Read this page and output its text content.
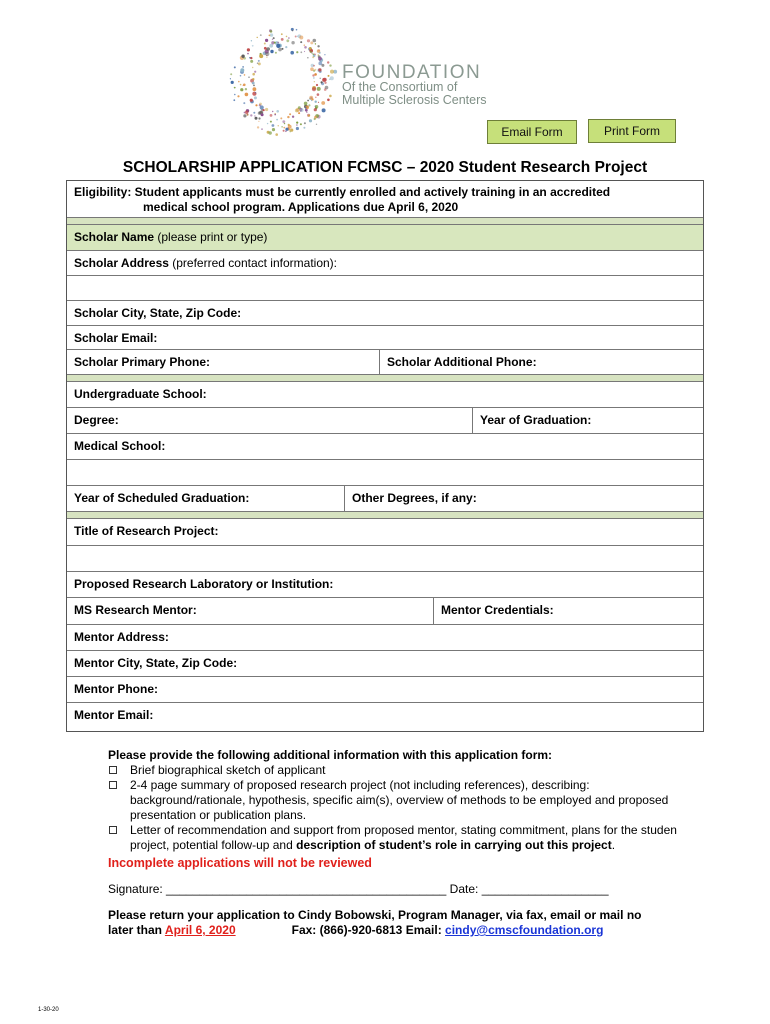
FOUNDATION
Of the Consortium of
Multiple Sclerosis Centers
Email Form	Print Form
SCHOLARSHIP APPLICATION FCMSC – 2020 Student Research Project
Eligibility: Student applicants must be currently enrolled and actively training in an accredited
medical school program. Applications due April 6, 2020
Scholar Name (please print or type)
Scholar Address (preferred contact information):
Scholar City, State, Zip Code:
Scholar Email:
Scholar Primary Phone:	Scholar Additional Phone:
Undergraduate School:
Degree:	Year of Graduation:
Medical School:
Year of Scheduled Graduation:	Other Degrees, if any:
Title of Research Project:
Proposed Research Laboratory or Institution:
MS Research Mentor:	Mentor Credentials:
Mentor Address:
Mentor City, State, Zip Code:
Mentor Phone:
Mentor Email:
Please provide the following additional information with this application form:
Brief biographical sketch of applicant
2-4 page summary of proposed research project (not including references), describing:
background/rationale, hypothesis, specific aim(s), overview of methods to be employed and proposed
presentation or publication plans.
Letter of recommendation and support from proposed mentor, stating commitment, plans for the studen
project, potential follow-up and description of student’s role in carrying out this project.
Incomplete applications will not be reviewed
Signature: __________________________________________ Date: ___________________
Please return your application to Cindy Bobowski, Program Manager, via fax, email or mail no
later than April 6, 2020	Fax: (866)-920-6813 Email: cindy@cmscfoundation.org
1-30-20
